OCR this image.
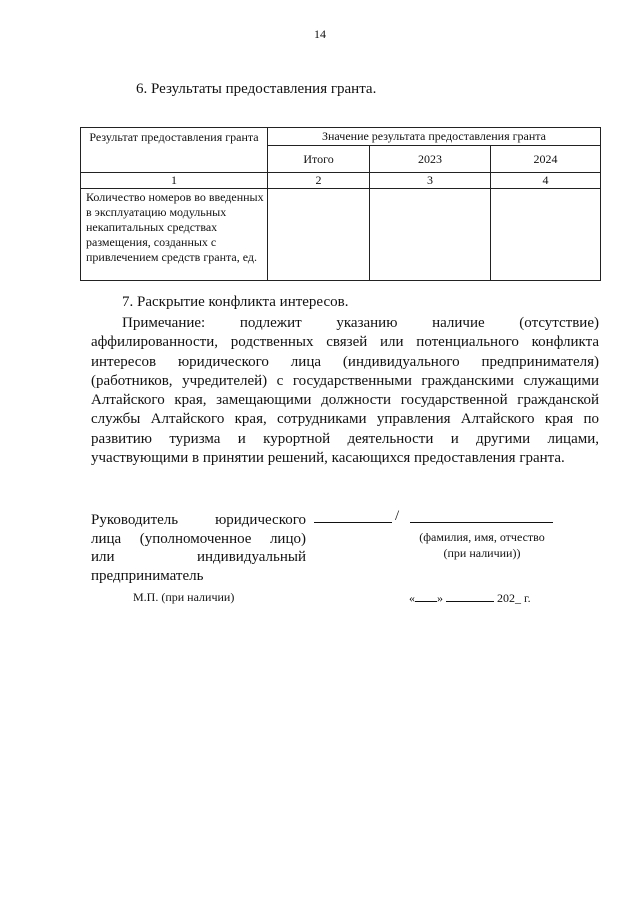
14
6. Результаты предоставления гранта.
Результат предоставления гранта	Значение результата предоставления гранта		
	Итого	2023	2024
1	2	3	4
Количество номеров во введенных в эксплуатацию модульных некапитальных средствах размещения, созданных с привлечением средств гранта, ед.			
7. Раскрытие конфликта интересов.

Примечание: подлежит указанию наличие (отсутствие) аффилированности, родственных связей или потенциального конфликта интересов юридического лица (индивидуального предпринимателя) (работников, учредителей) с государственными гражданскими служащими Алтайского края, замещающими должности государственной гражданской службы Алтайского края, сотрудниками управления Алтайского края по развитию туризма и курортной деятельности и другими лицами, участвующими в принятии решений, касающихся предоставления гранта.

Руководитель юридического
лица (уполномоченное лицо)
или индивидуальный
предприниматель
/
(фамилия, имя, отчество
(при наличии))
М.П. (при наличии)	« »	202_ г.
